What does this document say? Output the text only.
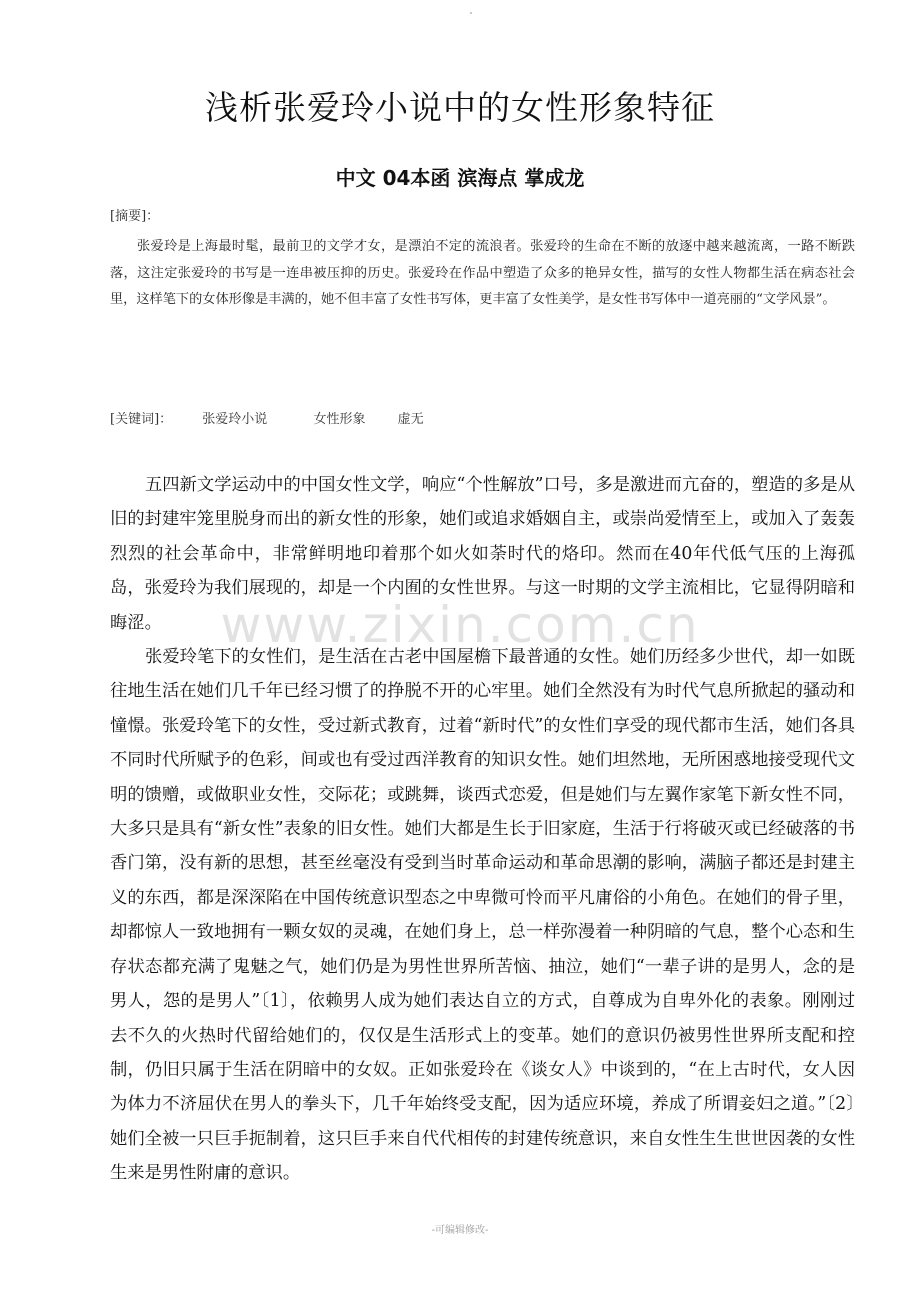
浅析张爱玲小说中的女性形象特征
中文 04本函 滨海点 掌成龙
[摘要]：
张爱玲是上海最时髦，最前卫的文学才女，是漂泊不定的流浪者。张爱玲的生命在不断的放逐中越来越流离，一路不断跌落，这注定张爱玲的书写是一连串被压抑的历史。张爱玲在作品中塑造了众多的艳异女性，描写的女性人物都生活在病态社会里，这样笔下的女体形像是丰满的，她不但丰富了女性书写体，更丰富了女性美学，是女性书写体中一道亮丽的“文学风景”。
[关键词]： 张爱玲小说	女性形象 虚无

五四新文学运动中的中国女性文学，响应“个性解放”口号，多是激进而亢奋的，塑造的多是从旧的封建牢笼里脱身而出的新女性的形象，她们或追求婚姻自主，或崇尚爱情至上，或加入了轰轰烈烈的社会革命中，非常鲜明地印着那个如火如荼时代的烙印。然而在40年代低气压的上海孤岛，张爱玲为我们展现的，却是一个内囿的女性世界。与这一时期的文学主流相比，它显得阴暗和晦涩。

张爱玲笔下的女性们，是生活在古老中国屋檐下最普通的女性。她们历经多少世代，却一如既往地生活在她们几千年已经习惯了的挣脱不开的心牢里。她们全然没有为时代气息所掀起的骚动和憧憬。张爱玲笔下的女性，受过新式教育，过着“新时代”的女性们享受的现代都市生活，她们各具不同时代所赋予的色彩，间或也有受过西洋教育的知识女性。她们坦然地，无所困惑地接受现代文明的馈赠，或做职业女性，交际花；或跳舞，谈西式恋爱，但是她们与左翼作家笔下新女性不同，大多只是具有“新女性”表象的旧女性。她们大都是生长于旧家庭，生活于行将破灭或已经破落的书香门第，没有新的思想，甚至丝毫没有受到当时革命运动和革命思潮的影响，满脑子都还是封建主义的东西，都是深深陷在中国传统意识型态之中卑微可怜而平凡庸俗的小角色。在她们的骨子里，却都惊人一致地拥有一颗女奴的灵魂，在她们身上，总一样弥漫着一种阴暗的气息，整个心态和生存状态都充满了鬼魅之气，她们仍是为男性世界所苦恼、抽泣，她们“一辈子讲的是男人，念的是男人，怨的是男人”〔1〕，依赖男人成为她们表达自立的方式，自尊成为自卑外化的表象。刚刚过去不久的火热时代留给她们的，仅仅是生活形式上的变革。她们的意识仍被男性世界所支配和控制，仍旧只属于生活在阴暗中的女奴。正如张爱玲在《谈女人》中谈到的，“在上古时代，女人因为体力不济屈伏在男人的拳头下，几千年始终受支配，因为适应环境，养成了所谓妾妇之道。”〔2〕她们全被一只巨手扼制着，这只巨手来自代代相传的封建传统意识，来自女性生生世世因袭的女性生来是男性附庸的意识。

www.zixin.com.cn
-可编辑修改-
